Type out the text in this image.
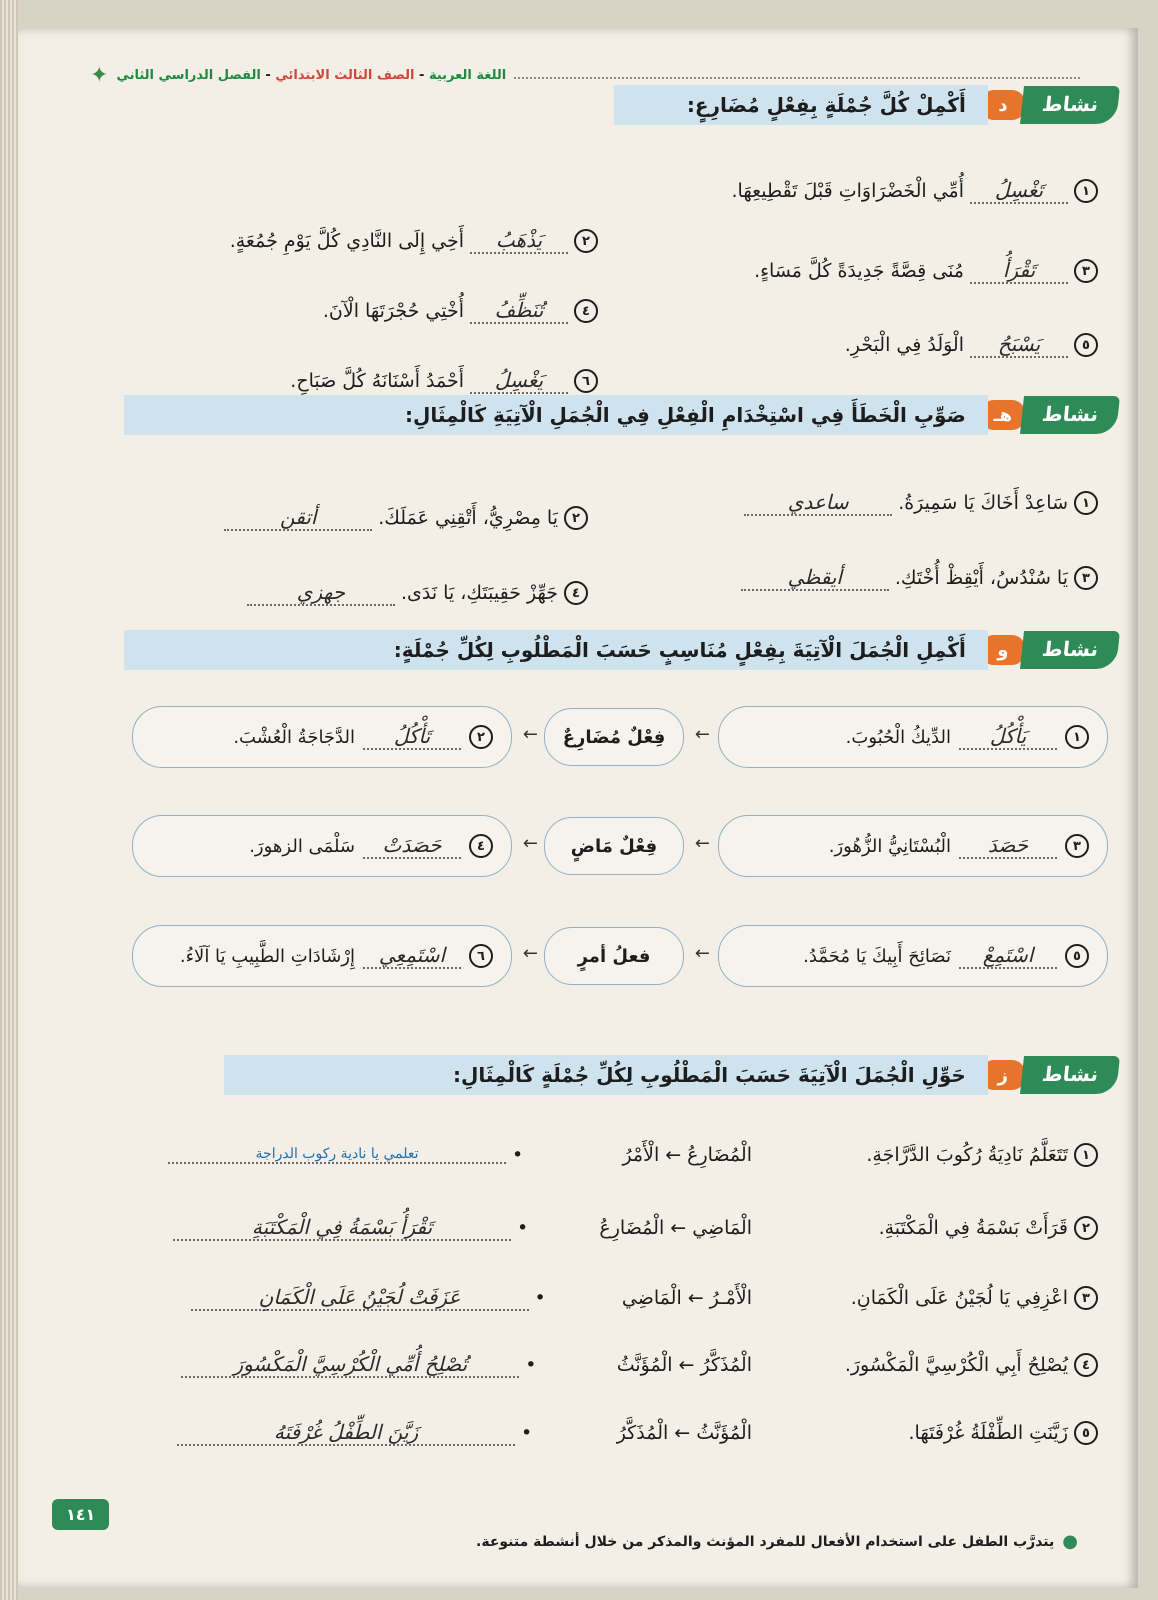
اللغة العربية - الصف الثالث الابتدائي - الفصل الدراسي الثاني
✦
نشاط
د
أَكْمِلْ كُلَّ جُمْلَةٍ بِفِعْلٍ مُضَارِعٍ:
١
تَغْسِلُ
أُمِّي الْخَضْرَاوَاتِ قَبْلَ تَقْطِيعِهَا.
٢
يَذْهَبُ
أَخِي إِلَى النَّادِي كُلَّ يَوْمِ جُمُعَةٍ.
٣
تَقْرَأُ
مُنَى قِصَّةً جَدِيدَةً كُلَّ مَسَاءٍ.
٤
تُنَظِّفُ
أُخْتِي حُجْرَتَهَا الْآنَ.
٥
يَسْبَحُ
الْوَلَدُ فِي الْبَحْرِ.
٦
يَغْسِلُ
أَحْمَدُ أَسْنَانَهُ كُلَّ صَبَاحٍ.
نشاط
هـ
صَوِّبِ الْخَطَأَ فِي اسْتِخْدَامِ الْفِعْلِ فِي الْجُمَلِ الْآتِيَةِ كَالْمِثَالِ:
١
سَاعِدْ أَخَاكَ يَا سَمِيرَةُ.
ساعدي
٢
يَا مِصْرِيُّ، أَتْقِنِي عَمَلَكَ.
أتقن
٣
يَا سُنْدُسُ، أَيْقِظْ أُخْتَكِ.
أيقظي
٤
جَهِّزْ حَقِيبَتَكِ، يَا نَدَى.
جهزي
نشاط
و
أَكْمِلِ الْجُمَلَ الْآتِيَةَ بِفِعْلٍ مُنَاسِبٍ حَسَبَ الْمَطْلُوبِ لِكُلِّ جُمْلَةٍ:
١
يَأْكُلُ
الدِّيكُ الْحُبُوبَ.
←
فِعْلٌ مُضَارِعٌ
←
٢
تَأْكُلُ
الدَّجَاجَةُ الْعُشْبَ.
٣
حَصَدَ
الْبُسْتَانِيُّ الزُّهُورَ.
←
فِعْلٌ مَاضٍ
←
٤
حَصَدَتْ
سَلْمَى الزهورَ.
٥
اسْتَمِعْ
نَصَائِحَ أَبِيكَ يَا مُحَمَّدُ.
←
فعلُ أمرٍ
←
٦
اسْتَمِعِي
إِرْشَادَاتِ الطَّبِيبِ يَا آلَاءُ.
نشاط
ز
حَوِّلِ الْجُمَلَ الْآتِيَةَ حَسَبَ الْمَطْلُوبِ لِكُلِّ جُمْلَةٍ كَالْمِثَالِ:
١
تَتَعَلَّمُ نَادِيَةُ رُكُوبَ الدَّرَّاجَةِ.
الْمُضَارِعُ
←
الْأَمْرُ
•
تعلمي يا نادية ركوب الدراجة
٢
قَرَأَتْ بَسْمَةُ فِي الْمَكْتَبَةِ.
الْمَاضِي
←
الْمُضَارِعُ
•
تَقْرَأُ بَسْمَةُ فِي الْمَكْتَبَةِ
٣
اعْزِفِي يَا لُجَيْنُ عَلَى الْكَمَانِ.
الْأَمْـرُ
←
الْمَاضِي
•
عَزَفَتْ لُجَيْنُ عَلَى الْكَمَانِ
٤
يُصْلِحُ أَبِي الْكُرْسِيَّ الْمَكْسُورَ.
الْمُذَكَّرُ
←
الْمُؤَنَّثُ
•
تُصْلِحُ أُمِّي الْكُرْسِيَّ الْمَكْسُورَ
٥
زَيَّنَتِ الطِّفْلَةُ غُرْفَتَهَا.
الْمُؤَنَّثُ
←
الْمُذَكَّرُ
•
زَيَّنَ الطِّفْلُ غُرْفَتَهُ
●
يتدرَّب الطفل على استخدام الأفعال للمفرد المؤنث والمذكر من خلال أنشطة متنوعة.
١٤١
